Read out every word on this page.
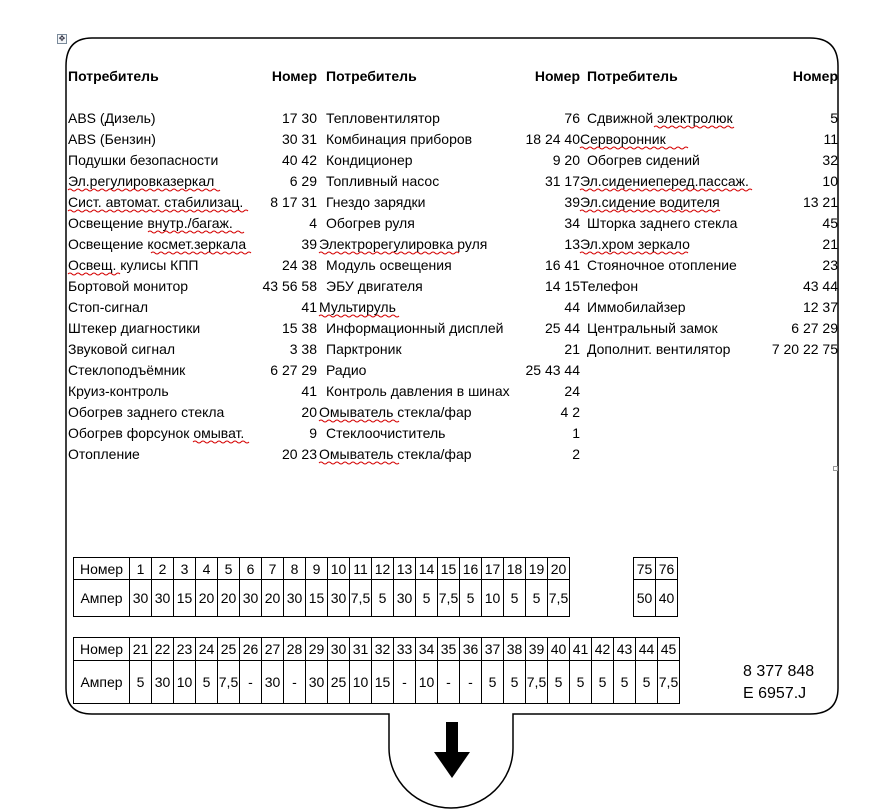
✥
Потребитель	Номер
ABS (Дизель)	17 30
ABS (Бензин)	30 31
Подушки безопасности	40 42
Эл.регулировказеркал	6 29
Сист. автомат. стабилизац. 8 17 31
Освещение внутр./багаж.	4
Освещение космет.зеркала	39
Освещ. кулисы КПП	24 38
Бортовой монитор	43 56 58
Стоп-сигнал	41
Штекер диагностики	15 38
Звуковой сигнал	3 38
Стеклоподъёмник	6 27 29
Круиз-контроль	41
Обогрев заднего стекла	20
Обогрев форсунок омыват.	9
Отопление	20 23
Потребитель	Номер
Тепловентилятор	76
Комбинация приборов	18 24 40
Кондиционер	9 20
Топливный насос	31 17
Гнездо зарядки	39
Обогрев руля	34
Электрорегулировка руля	13
Модуль освещения	16 41
ЭБУ двигателя	14 15
Мультируль	44
Информационный дисплей	25 44
Парктроник	21
Радио	25 43 44
Контроль давления в шинах	24
Омыватель стекла/фар	4 2
Стеклоочиститель	1
Омыватель стекла/фар	2
Потребитель	Номер
Сдвижной электролюк	5
Серворонник	11
Обогрев сидений	32
Эл.сидениеперед.пассаж.	10
Эл.сидение водителя	13 21
Шторка заднего стекла	45
Эл.хром зеркало	21
Стояночное отопление	23
Телефон	43 44
Иммобилайзер	12 37
Центральный замок	6 27 29
Дополнит. вентилятор	7 20 22 75
Номер	1	2	3	4	5	6	7	8	9	10	11	12	13	14	15	16	17	18	19	20
Ампер	30	30	15	20	20	30	20	30	15	30	7,5	5	30	5	7,5	5	10	5	5	7,5
75	76
50	40
Номер	21	22	23	24	25	26	27	28	29	30	31	32	33	34	35	36	37	38	39	40	41	42	43	44	45
Ампер	5	30	10	5	7,5	-	30	-	30	25	10	15	-	10	-	-	5	5	7,5	5	5	5	5	5	7,5
8 377 848
E 6957.J
